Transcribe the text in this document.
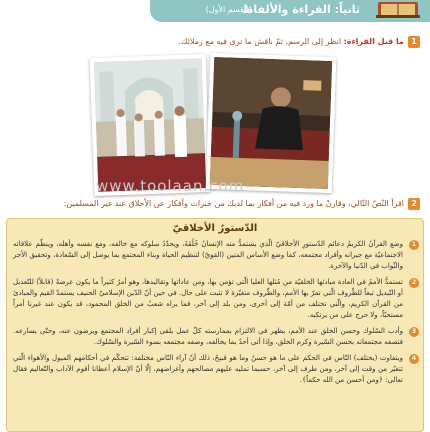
ثانياً: القراءة والألفاظ
(القسم الأول)
1
ما قبل القراءة: انظر إلى الرسم، ثمّ ناقش ما ترى فيه مع زملائك.
www.toolaan.com
2
اقرأ النّصّ التّالي، وقارنْ ما ورد فيه من أفكار بما لديك من خبرات وأفكار عن الأخلاق عند غير المسلمين:
الدّستورُ الأخلاقيّ
1
وضع القرآنُ الكريمُ دعائم الدّستورِ الأخلاقيّ الّذي يستمدُّ منه الإنسانُ خُلُقَهُ، ويحدّدُ سلوكه مع خالقه، ومع نفسه وأهله، وينظّم علاقاته الاجتماعيّة مع جيرانه وأفراد مجتمعه، كما وضع الأساس المتين (القويّ) لتنظيم الحياة وبناء المجتمع بما يوصل إلى السّعادة، وتحقيق الأجر والثّواب في الدّنيا والآخرة.
2
تستمدُّ الأممُ في العادة مبادئها الخلقيّة من مُثلها العليا الّتي تؤمن بها، ومن عاداتها وتقاليدها، وهو أمرٌ كثيراً ما يكون عرضةً (قابلاً) للتّعديل أو التّبديل تبعاً للظّروف الّتي تمرّ بها الأمم، والظّروف متغيّرة لا تثبت على حال. في حين أنّ الدّين الإسلاميّ الحنيف يستمدّ القيم والمبادئ من القرآن الكريم، والّتي تختلف من أمّة إلى أخرى، ومن بلد إلى آخر، فما يراه شعبٌ من الخلق المحمود، قد يكون عند غيرنا أمراً مستحبّاً، ولا حرج على من يرتكبه.
3
وأدب السّلوك وحسن الخلق عند الأمم، يظهر في الالتزام بممارسته كلّ عمل يلقى إكبار أفراد المجتمع ويرضون عنه، وحتّى يسارعه. فتصفه مجتمعاته بحسن السّيرة وكرم الخلق، وإذا أتى أحدٌ بما يخالفه، وصفه مجتمعه بسوء السّيرة والسّلوك.
4
ويتفاوت (يختلف) النّاس في الحكم على ما هو حسنٌ وما هو قبيحٌ، ذلك أنّ آراء النّاس مختلفة: تتحكّم في أحكامهم الميول والأهواء الّتي تتغيّر من وقت إلى آخر، ومن طرف إلى آخر، حسبما تمليه عليهم مصالحهم وأغراضهم، إلّا أنّ الإسلام أعطانا أقوم الآداب والتّعاليم فقال تعالى: ﴿ومن أحسن من الله حكماً﴾.
